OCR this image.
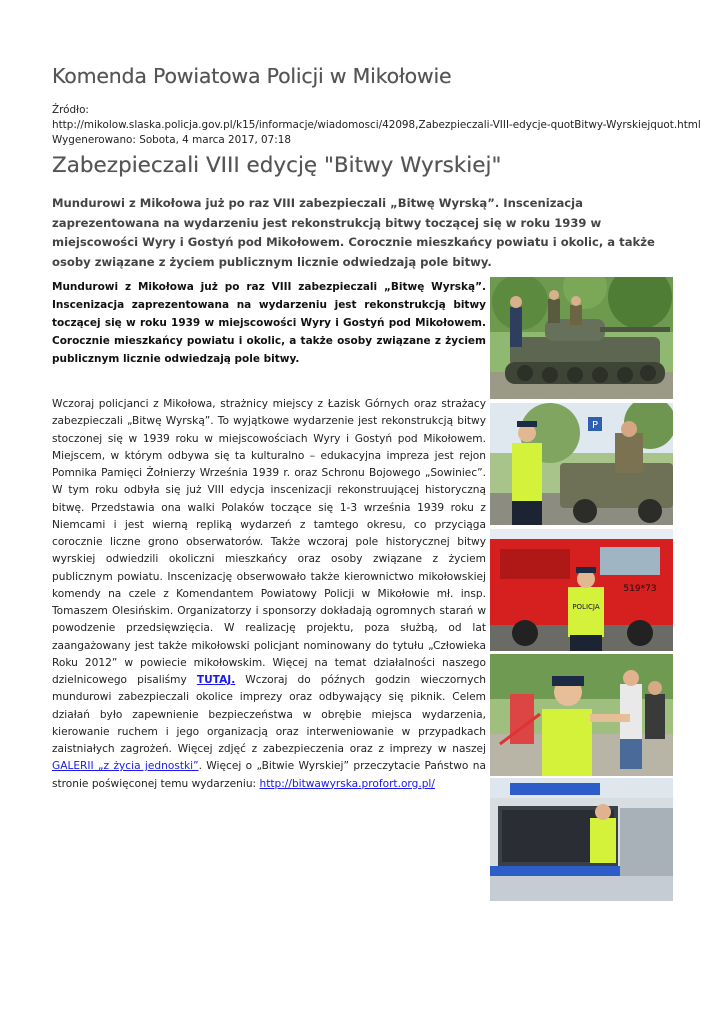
Komenda Powiatowa Policji w Mikołowie
Źródło:
http://mikolow.slaska.policja.gov.pl/k15/informacje/wiadomosci/42098,Zabezpieczali-VIII-edycje-quotBitwy-Wyrskiejquot.html
Wygenerowano: Sobota, 4 marca 2017, 07:18
Zabezpieczali VIII edycję "Bitwy Wyrskiej"

Mundurowi z Mikołowa już po raz VIII zabezpieczali „Bitwę Wyrską”. Inscenizacja zaprezentowana na wydarzeniu jest rekonstrukcją bitwy toczącej się w roku 1939 w miejscowości Wyry i Gostyń pod Mikołowem. Corocznie mieszkańcy powiatu i okolic, a także osoby związane z życiem publicznym licznie odwiedzają pole bitwy.

Mundurowi z Mikołowa już po raz VIII zabezpieczali „Bitwę Wyrską”. Inscenizacja zaprezentowana na wydarzeniu jest rekonstrukcją bitwy toczącej się w roku 1939 w miejscowości Wyry i Gostyń pod Mikołowem. Corocznie mieszkańcy powiatu i okolic, a także osoby związane z życiem publicznym licznie odwiedzają pole bitwy.

Wczoraj policjanci z Mikołowa, strażnicy miejscy z Łazisk Górnych oraz strażacy zabezpieczali „Bitwę Wyrską”. To wyjątkowe wydarzenie jest rekonstrukcją bitwy stoczonej się w 1939 roku w miejscowościach Wyry i Gostyń pod Mikołowem. Miejscem, w którym odbywa się ta kulturalno – edukacyjna impreza jest rejon Pomnika Pamięci Żołnierzy Września 1939 r. oraz Schronu Bojowego „Sowiniec”. W tym roku odbyła się już VIII edycja inscenizacji rekonstruującej historyczną bitwę. Przedstawia ona walki Polaków toczące się 1-3 września 1939 roku z Niemcami i jest wierną repliką wydarzeń z tamtego okresu, co przyciąga corocznie liczne grono obserwatorów. Także wczoraj pole historycznej bitwy wyrskiej odwiedzili okoliczni mieszkańcy oraz osoby związane z życiem publicznym powiatu. Inscenizację obserwowało także kierownictwo mikołowskiej komendy na czele z Komendantem Powiatowy Policji w Mikołowie mł. insp. Tomaszem Olesińskim. Organizatorzy i sponsorzy dokładają ogromnych starań w powodzenie przedsięwzięcia. W realizację projektu, poza służbą, od lat zaangażowany jest także mikołowski policjant nominowany do tytułu „Człowieka Roku 2012” w powiecie mikołowskim. Więcej na temat działalności naszego dzielnicowego pisaliśmy TUTAJ. Wczoraj do późnych godzin wieczornych mundurowi zabezpieczali okolice imprezy oraz odbywający się piknik. Celem działań było zapewnienie bezpieczeństwa w obrębie miejsca wydarzenia, kierowanie ruchem i jego organizacją oraz interweniowanie w przypadkach zaistniałych zagrożeń. Więcej zdjęć z zabezpieczenia oraz z imprezy w naszej GALERII „z życia jednostki”. Więcej o „Bitwie Wyrskiej” przeczytacie Państwo na stronie poświęconej temu wydarzeniu: http://bitwawyrska.profort.org.pl/

P
519*73
POLICJA
